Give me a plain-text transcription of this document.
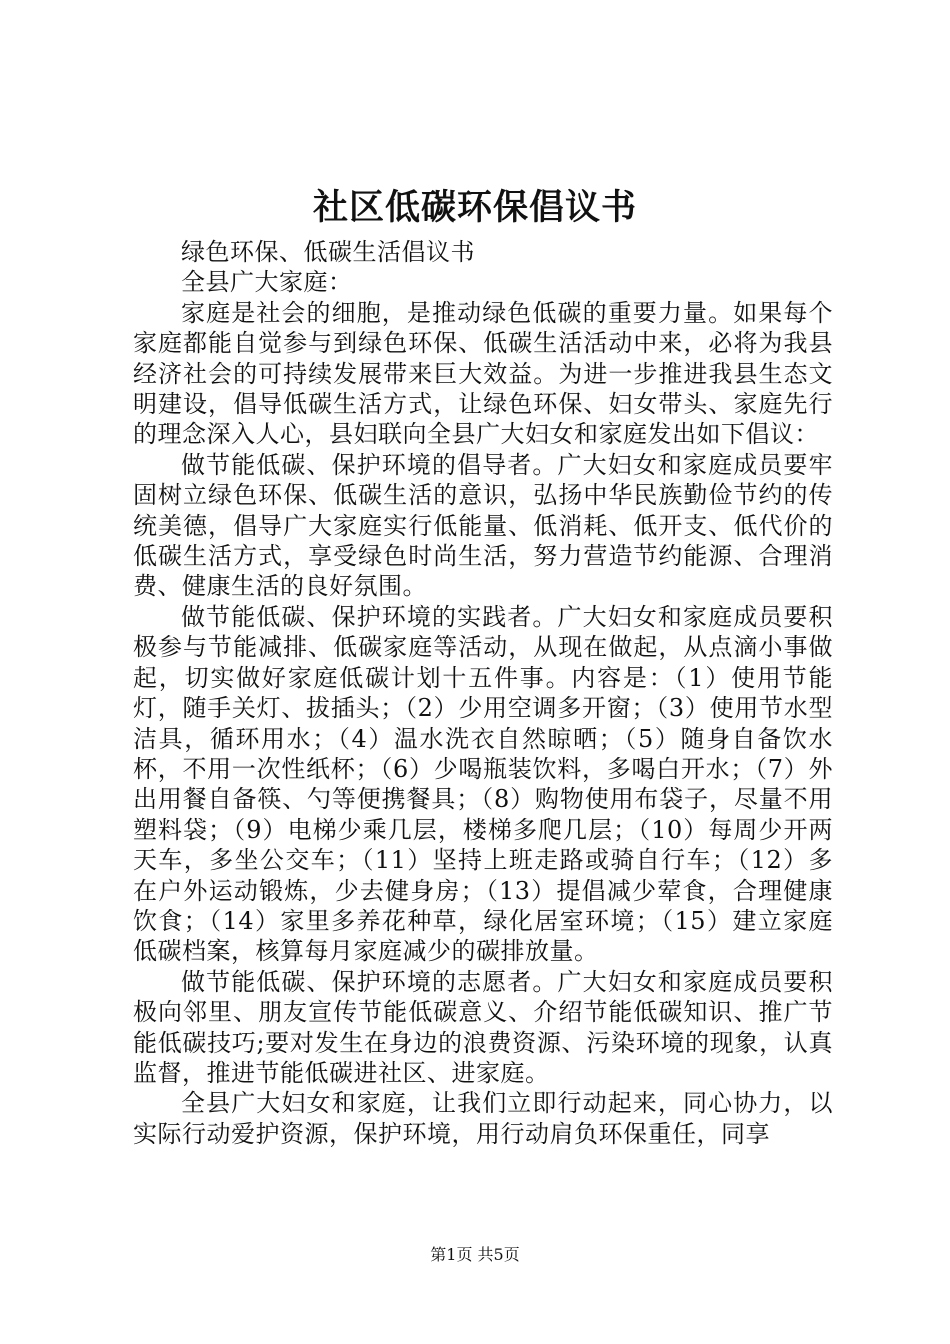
社区低碳环保倡议书

绿色环保、低碳生活倡议书

全县广大家庭：

家庭是社会的细胞，是推动绿色低碳的重要力量。如果每个家庭都能自觉参与到绿色环保、低碳生活活动中来，必将为我县经济社会的可持续发展带来巨大效益。为进一步推进我县生态文明建设，倡导低碳生活方式，让绿色环保、妇女带头、家庭先行的理念深入人心，县妇联向全县广大妇女和家庭发出如下倡议：

做节能低碳、保护环境的倡导者。广大妇女和家庭成员要牢固树立绿色环保、低碳生活的意识，弘扬中华民族勤俭节约的传统美德，倡导广大家庭实行低能量、低消耗、低开支、低代价的低碳生活方式，享受绿色时尚生活，努力营造节约能源、合理消费、健康生活的良好氛围。

做节能低碳、保护环境的实践者。广大妇女和家庭成员要积极参与节能减排、低碳家庭等活动，从现在做起，从点滴小事做起，切实做好家庭低碳计划十五件事。内容是：（1）使用节能灯，随手关灯、拔插头；（2）少用空调多开窗；（3）使用节水型洁具，循环用水；（4）温水洗衣自然晾晒；（5）随身自备饮水杯，不用一次性纸杯；（6）少喝瓶装饮料，多喝白开水；（7）外出用餐自备筷、勺等便携餐具；（8）购物使用布袋子，尽量不用塑料袋；（9）电梯少乘几层，楼梯多爬几层；（10）每周少开两天车，多坐公交车；（11）坚持上班走路或骑自行车；（12）多在户外运动锻炼，少去健身房；（13）提倡减少荤食，合理健康饮食；（14）家里多养花种草，绿化居室环境；（15）建立家庭低碳档案，核算每月家庭减少的碳排放量。

做节能低碳、保护环境的志愿者。广大妇女和家庭成员要积极向邻里、朋友宣传节能低碳意义、介绍节能低碳知识、推广节能低碳技巧;要对发生在身边的浪费资源、污染环境的现象，认真监督，推进节能低碳进社区、进家庭。

全县广大妇女和家庭，让我们立即行动起来，同心协力，以实际行动爱护资源，保护环境，用行动肩负环保重任，同享

第1页 共5页
